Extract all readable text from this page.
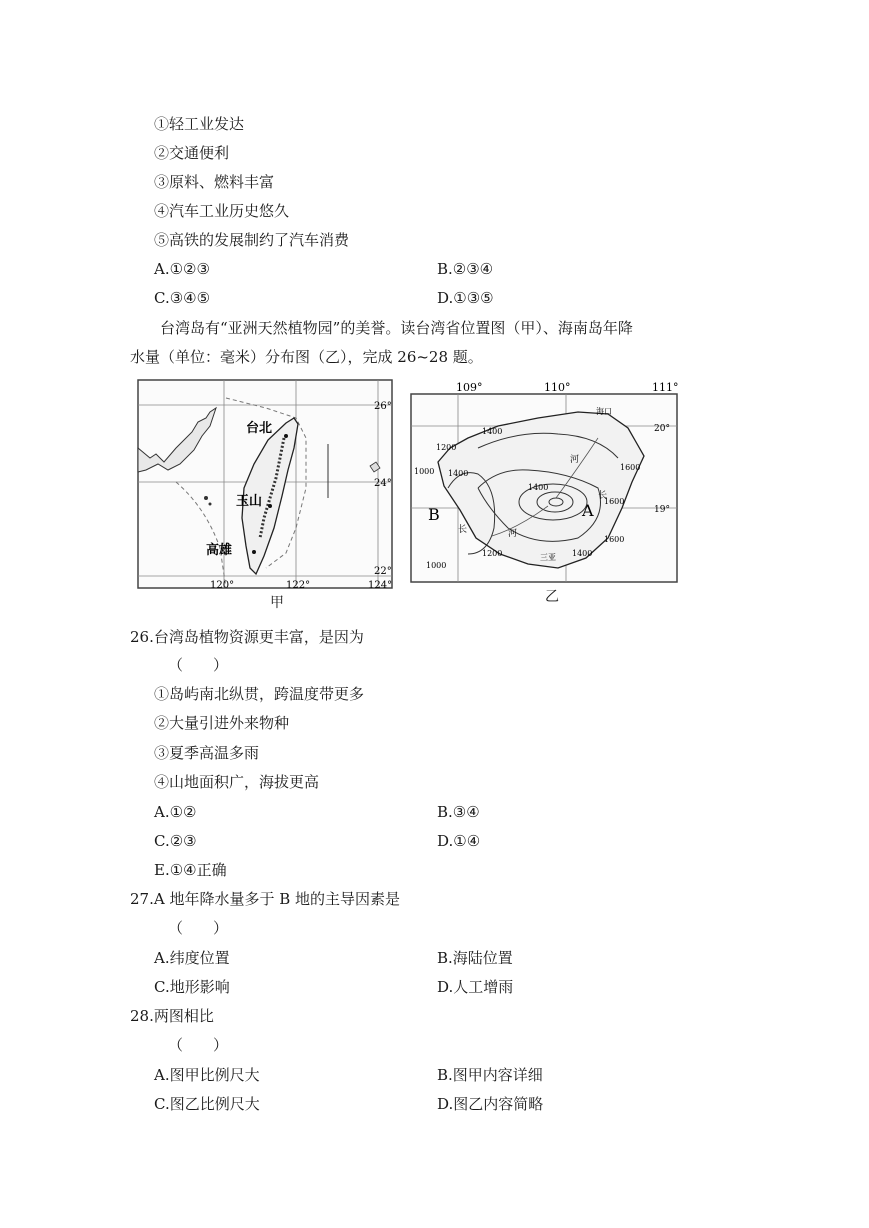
①轻工业发达
②交通便利
③原料、燃料丰富
④汽车工业历史悠久
⑤高铁的发展制约了汽车消费
A.①②③	B.②③④
C.③④⑤	D.①③⑤
台湾岛有“亚洲天然植物园”的美誉。读台湾省位置图（甲）、海南岛年降
水量（单位：毫米）分布图（乙），完成 26~28 题。
台北
玉山
高雄
26°
24°
22°
120°	122°	124°
甲
109°	110°	111°
20°
19°
1400
1200
1400
1000
1200	1400
1600
1000
1600
1400
1600
海口
三亚
A
B
河
河
长
长
乙
26.台湾岛植物资源更丰富，是因为
（　　）
①岛屿南北纵贯，跨温度带更多
②大量引进外来物种
③夏季高温多雨
④山地面积广，海拔更高
A.①②	B.③④
C.②③	D.①④
E.①④正确
27.A 地年降水量多于 B 地的主导因素是
（　　）
A.纬度位置	B.海陆位置
C.地形影响	D.人工增雨
28.两图相比
（　　）
A.图甲比例尺大	B.图甲内容详细
C.图乙比例尺大	D.图乙内容简略
